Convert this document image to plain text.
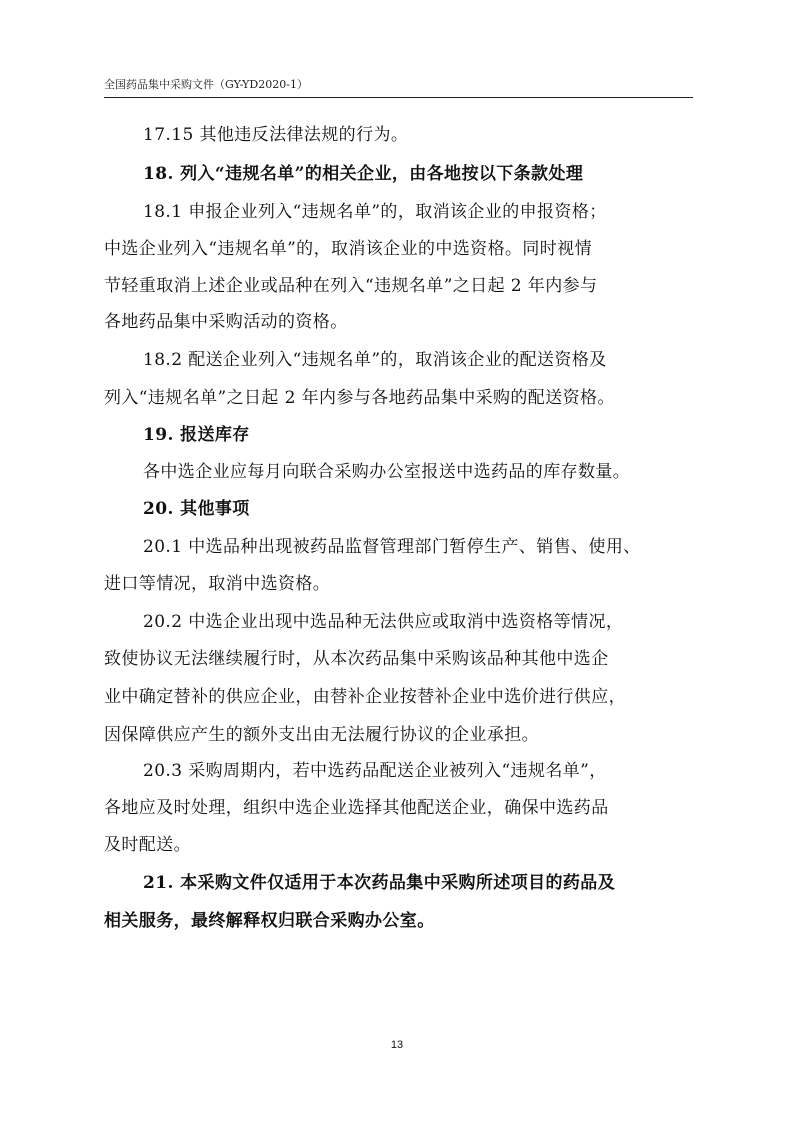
全国药品集中采购文件（GY-YD2020-1）
17.15 其他违反法律法规的行为。
18. 列入“违规名单”的相关企业，由各地按以下条款处理
18.1 申报企业列入“违规名单”的，取消该企业的申报资格；
中选企业列入“违规名单”的，取消该企业的中选资格。同时视情
节轻重取消上述企业或品种在列入“违规名单”之日起 2 年内参与
各地药品集中采购活动的资格。
18.2 配送企业列入“违规名单”的，取消该企业的配送资格及
列入“违规名单”之日起 2 年内参与各地药品集中采购的配送资格。
19. 报送库存
各中选企业应每月向联合采购办公室报送中选药品的库存数量。
20. 其他事项
20.1 中选品种出现被药品监督管理部门暂停生产、销售、使用、
进口等情况，取消中选资格。
20.2 中选企业出现中选品种无法供应或取消中选资格等情况，
致使协议无法继续履行时，从本次药品集中采购该品种其他中选企
业中确定替补的供应企业，由替补企业按替补企业中选价进行供应，
因保障供应产生的额外支出由无法履行协议的企业承担。
20.3 采购周期内，若中选药品配送企业被列入“违规名单”，
各地应及时处理，组织中选企业选择其他配送企业，确保中选药品
及时配送。
21. 本采购文件仅适用于本次药品集中采购所述项目的药品及
相关服务，最终解释权归联合采购办公室。
13
